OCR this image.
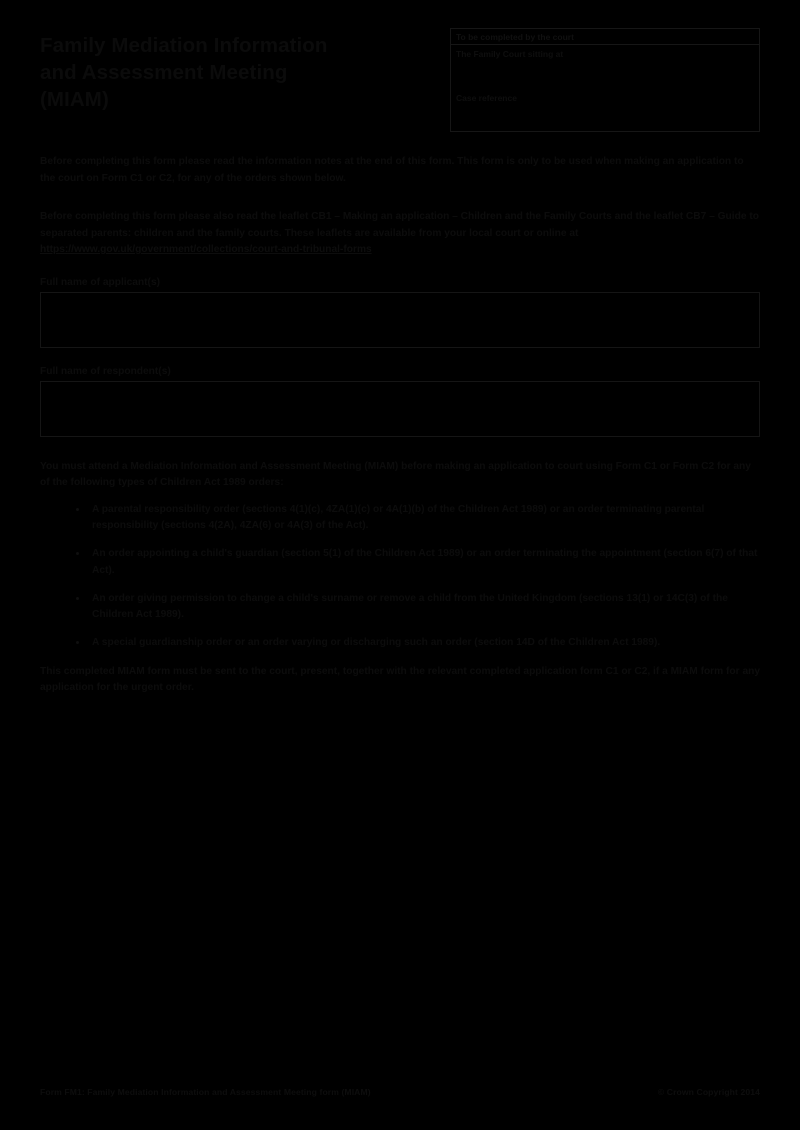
Family Mediation Information
and Assessment Meeting
(MIAM)
To be completed by the court
The Family Court sitting at
Case reference
Before completing this form please read the information notes at the end of this form. This form is only to be used when making an application to the court on Form C1 or C2, for any of the orders shown below.
Before completing this form please also read the leaflet CB1 – Making an application – Children and the Family Courts and the leaflet CB7 – Guide to separated parents: children and the family courts. These leaflets are available from your local court or online at https://www.gov.uk/government/collections/court-and-tribunal-forms
Full name of applicant(s)
Full name of respondent(s)
You must attend a Mediation Information and Assessment Meeting (MIAM) before making an application to court using Form C1 or Form C2 for any of the following types of Children Act 1989 orders:
A parental responsibility order (sections 4(1)(c), 4ZA(1)(c) or 4A(1)(b) of the Children Act 1989) or an order terminating parental responsibility (sections 4(2A), 4ZA(6) or 4A(3) of the Act).
An order appointing a child's guardian (section 5(1) of the Children Act 1989) or an order terminating the appointment (section 6(7) of that Act).
An order giving permission to change a child's surname or remove a child from the United Kingdom (sections 13(1) or 14C(3) of the Children Act 1989).
A special guardianship order or an order varying or discharging such an order (section 14D of the Children Act 1989).
This completed MIAM form must be sent to the court, present, together with the relevant completed application form C1 or C2, if a MIAM form for any application for the urgent order.
Form FM1: Family Mediation Information and Assessment Meeting form (MIAM)	© Crown Copyright 2014
